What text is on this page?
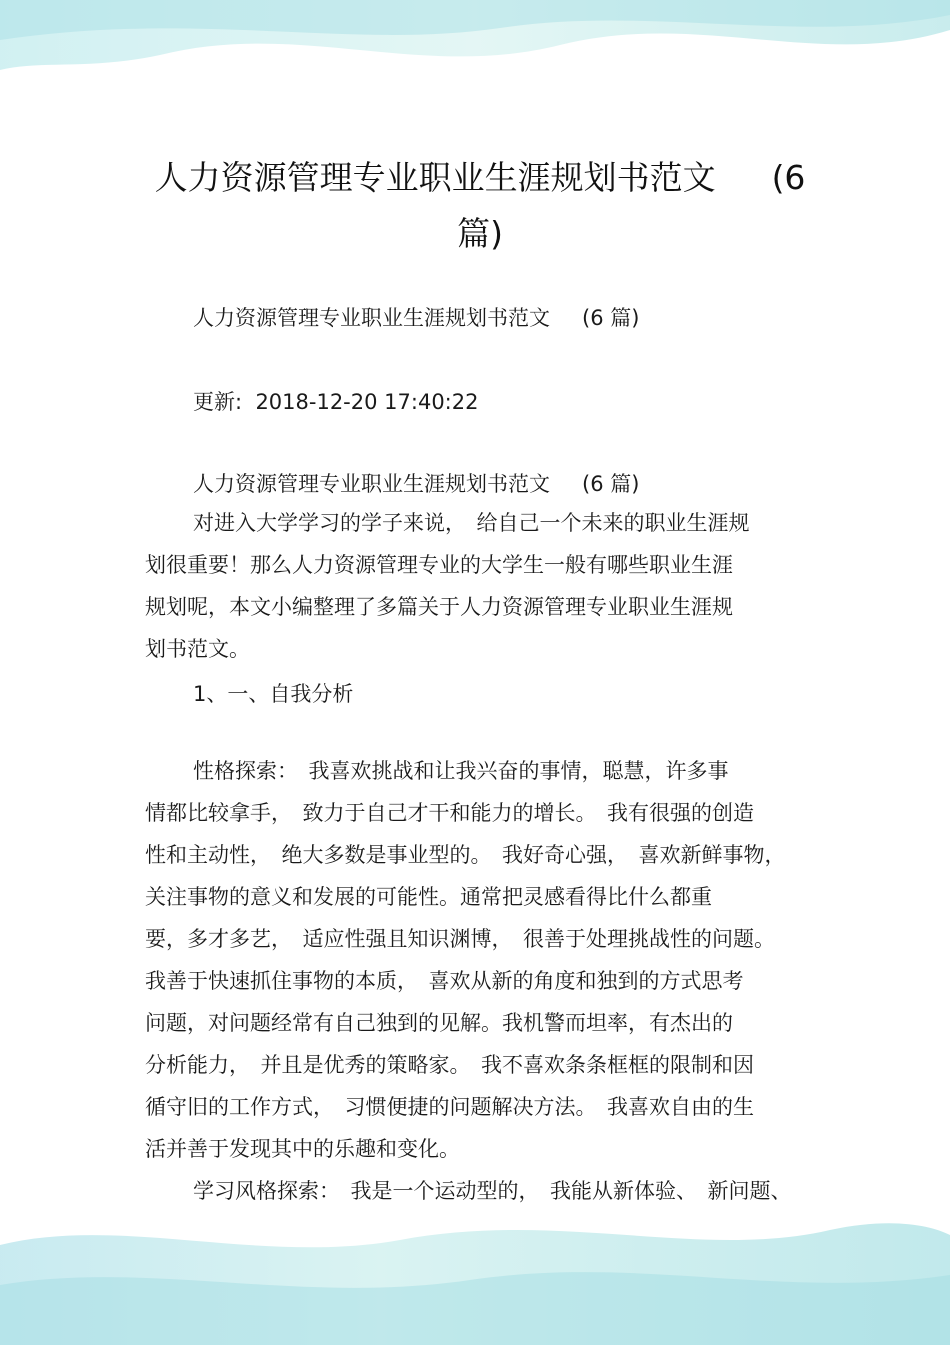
人力资源管理专业职业生涯规划书范文 (6
篇)
人力资源管理专业职业生涯规划书范文 (6 篇)
更新: 2018-12-20 17:40:22
人力资源管理专业职业生涯规划书范文 (6 篇)
对进入大学学习的学子来说，　给自己一个未来的职业生涯规
划很重要！那么人力资源管理专业的大学生一般有哪些职业生涯
规划呢，本文小编整理了多篇关于人力资源管理专业职业生涯规
划书范文。
1、一、自我分析
性格探索：　我喜欢挑战和让我兴奋的事情，聪慧，许多事
情都比较拿手，　致力于自己才干和能力的增长。　我有很强的创造
性和主动性，　绝大多数是事业型的。　我好奇心强，　喜欢新鲜事物，
关注事物的意义和发展的可能性。通常把灵感看得比什么都重
要，多才多艺，　适应性强且知识渊博，　很善于处理挑战性的问题。
我善于快速抓住事物的本质，　喜欢从新的角度和独到的方式思考
问题，对问题经常有自己独到的见解。我机警而坦率，有杰出的
分析能力，　并且是优秀的策略家。　我不喜欢条条框框的限制和因
循守旧的工作方式，　习惯便捷的问题解决方法。　我喜欢自由的生
活并善于发现其中的乐趣和变化。
学习风格探索：　我是一个运动型的，　我能从新体验、　新问题、
